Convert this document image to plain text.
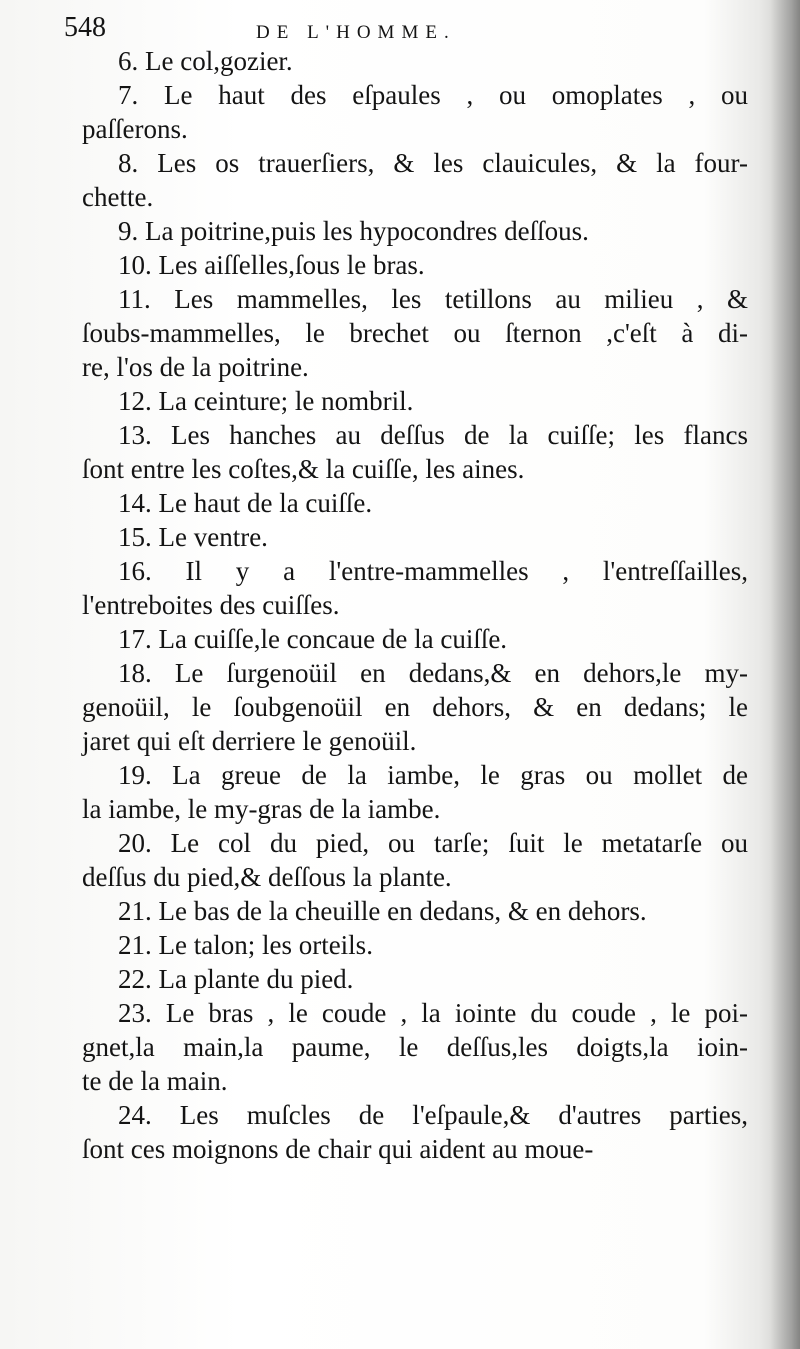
548	DE L'HOMME.

6. Le col,gozier.

7. Le haut des eſpaules , ou omoplates , ou
paſſerons.

8. Les os trauerſiers, & les clauicules, & la four-
chette.

9. La poitrine,puis les hypocondres deſſous.

10. Les aiſſelles,ſous le bras.

11. Les mammelles, les tetillons au milieu , &
ſoubs-mammelles, le brechet ou ſternon ,c'eſt à di-
re, l'os de la poitrine.

12. La ceinture; le nombril.

13. Les hanches au deſſus de la cuiſſe; les flancs
ſont entre les coſtes,& la cuiſſe, les aines.

14. Le haut de la cuiſſe.

15. Le ventre.

16. Il y a l'entre-mammelles , l'entreſſailles,
l'entreboites des cuiſſes.

17. La cuiſſe,le concaue de la cuiſſe.

18. Le ſurgenoüil en dedans,& en dehors,le my-
genoüil, le ſoubgenoüil en dehors, & en dedans; le
jaret qui eſt derriere le genoüil.

19. La greue de la iambe, le gras ou mollet de
la iambe, le my-gras de la iambe.

20. Le col du pied, ou tarſe; ſuit le metatarſe ou
deſſus du pied,& deſſous la plante.

21. Le bas de la cheuille en dedans, & en dehors.

21. Le talon; les orteils.

22. La plante du pied.

23. Le bras , le coude , la iointe du coude , le poi-
gnet,la main,la paume, le deſſus,les doigts,la ioin-
te de la main.

24. Les muſcles de l'eſpaule,& d'autres parties,
ſont ces moignons de chair qui aident au moue-
